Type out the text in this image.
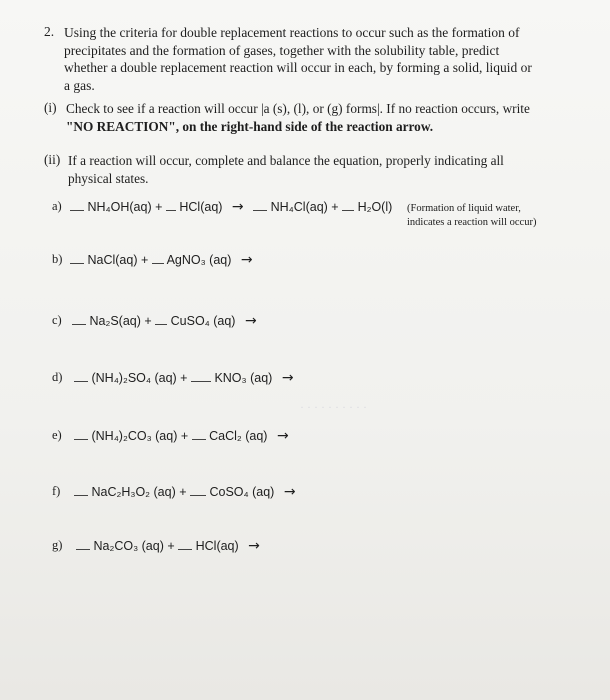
· · · · · · · · · ·
2. Using the criteria for double replacement reactions to occur such as the formation of
precipitates and the formation of gases, together with the solubility table, predict
whether a double replacement reaction will occur in each, by forming a solid, liquid or
a gas.
(i) Check to see if a reaction will occur |a (s), (l), or (g) forms|. If no reaction occurs, write
"NO REACTION", on the right-hand side of the reaction arrow.
(ii) If a reaction will occur, complete and balance the equation, properly indicating all
physical states.
a)	NH₄OH(aq) + HCl(aq) → NH₄Cl(aq) + H₂O(l) (Formation of liquid water,
indicates a reaction will occur)
b)	NaCl(aq) + AgNO₃ (aq) →
c)	Na₂S(aq) + CuSO₄ (aq) →
d)	(NH₄)₂SO₄ (aq) + KNO₃ (aq) →
e)	(NH₄)₂CO₃ (aq) + CaCl₂ (aq) →
f)	NaC₂H₃O₂ (aq) + CoSO₄ (aq) →
g)	Na₂CO₃ (aq) + HCl(aq) →
